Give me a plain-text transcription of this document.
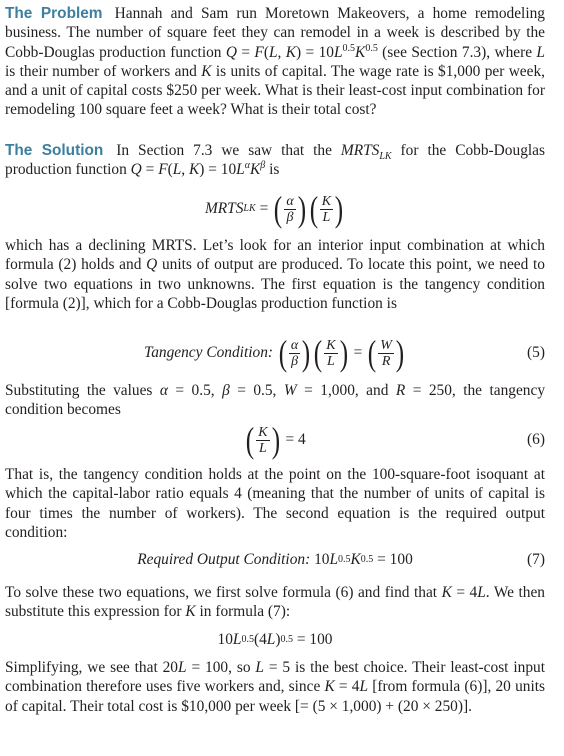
The Problem Hannah and Sam run Moretown Makeovers, a home remodeling business. The number of square feet they can remodel in a week is described by the Cobb-Douglas production function Q = F(L, $K) = 10L^{0.5}K^{0.5}$ (see Section 7.3), where L is their number of workers and K is units of capital. The wage rate is $1,000 per week, and a unit of capital costs $250 per week. What is their least-cost input combination for remodeling 100 square feet a week? What is their total cost?
The Solution In Section 7.3 we saw that the $MRTS_{LK}$ for the Cobb-Douglas production function Q = F(L, $K) = 10L^\alpha K^\beta$ is
MRTS LK = ( $\frac{\alpha}{\beta}$ ) ( $\frac{K}{L}$ )
which has a declining MRTS. Let’s look for an interior input combination at which formula (2) holds and Q units of output are produced. To locate this point, we need to solve two equations in two unknowns. The first equation is the tangency condition [formula (2)], which for a Cobb-Douglas production function is
Tangency Condition:
( $\frac{\alpha}{\beta}$ ) ( $\frac{K}{L}$ ) = ( $\frac{W}{R}$ )	(5)
Substituting the values α = 0.5, β = 0.5, W = 1,000, and R = 250, the tangency condition becomes
( $\frac{K}{L}$ )
= 4	(6)
That is, the tangency condition holds at the point on the 100-square-foot isoquant at which the capital-labor ratio equals 4 (meaning that the number of units of capital is four times the number of workers). The second equation is the required output condition:
Required Output Condition: 10 L 0.5 K 0.5
= 100	(7)
To solve these two equations, we first solve formula (6) and find that K = 4L. We then substitute this expression for K in formula (7):
10 L 0.5 (4 L ) 0.5
= 100
Simplifying, we see that 20L = 100, so L = 5 is the best choice. Their least-cost input combination therefore uses five workers and, since K = 4L [from formula (6)], 20 units of capital. Their total cost is $10,000 per week [= (5 × 1,000) + (20 × 250)].
